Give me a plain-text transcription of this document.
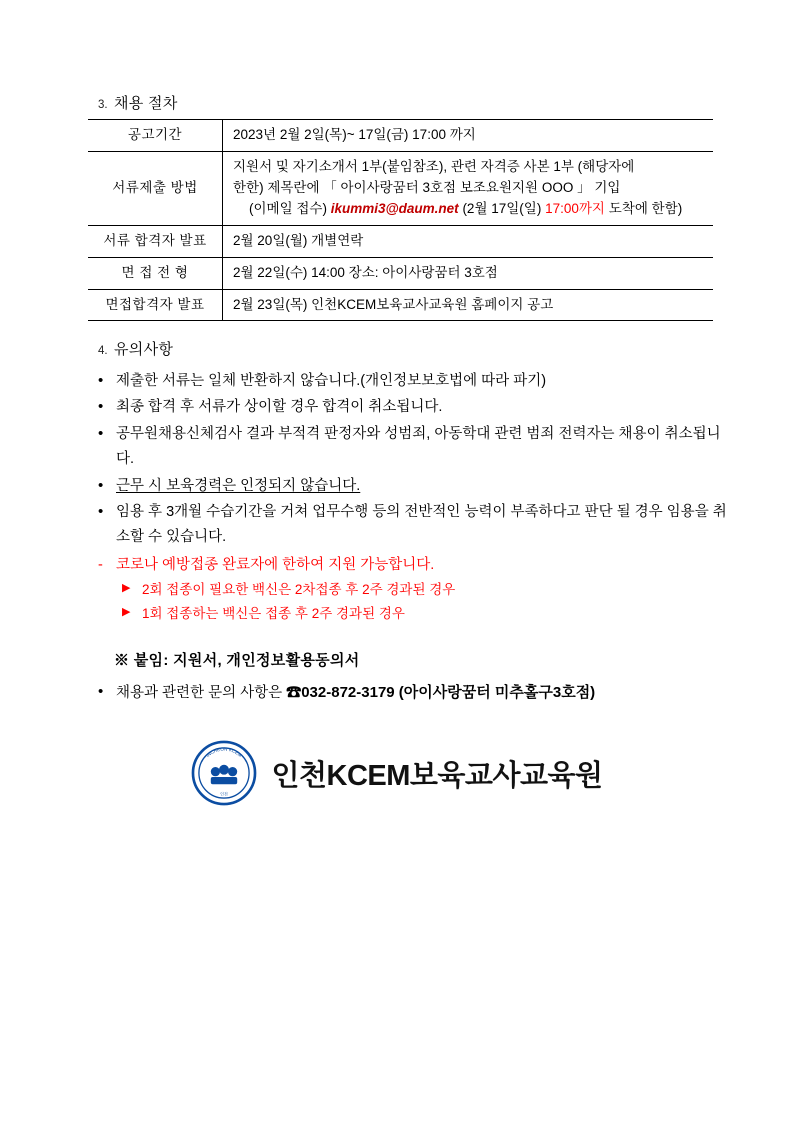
3. 채용 절차
공고기간	2023년 2월 2일(목)~ 17일(금) 17:00 까지
서류제출 방법	지원서 및 자기소개서 1부(붙임참조), 관련 자격증 사본 1부 (해당자에
한한) 제목란에 「 아이사랑꿈터 3호점 보조요원지원 OOO 」 기입
(이메일 접수) ikummi3@daum.net (2월 17일(일) 17:00까지 도착에 한함)

서류 합격자 발표	2월 20일(월) 개별연락
면 접 전 형	2월 22일(수) 14:00 장소: 아이사랑꿈터 3호점
면접합격자 발표	2월 23일(목) 인천KCEM보육교사교육원 홈페이지 공고
4. 유의사항
• 제출한 서류는 일체 반환하지 않습니다.(개인정보보호법에 따라 파기)
• 최종 합격 후 서류가 상이할 경우 합격이 취소됩니다.
• 공무원채용신체검사 결과 부적격 판정자와 성범죄, 아동학대 관련 범죄 전력자는 채용이 취소됩니다.
• 근무 시 보육경력은 인정되지 않습니다.
• 임용 후 3개월 수습기간을 거쳐 업무수행 등의 전반적인 능력이 부족하다고 판단 될 경우 임용을 취소할 수 있습니다.
- 코로나 예방접종 완료자에 한하여 지원 가능합니다.
▶ 2회 접종이 필요한 백신은 2차접종 후 2주 경과된 경우
▶ 1회 접종하는 백신은 접종 후 2주 경과된 경우
※ 붙임: 지원서, 개인정보활용동의서
• 채용과 관련한 문의 사항은 ☎032-872-3179 (아이사랑꿈터 미추홀구3호점)
INCHEON KCEM
인천
인천KCEM보육교사교육원
